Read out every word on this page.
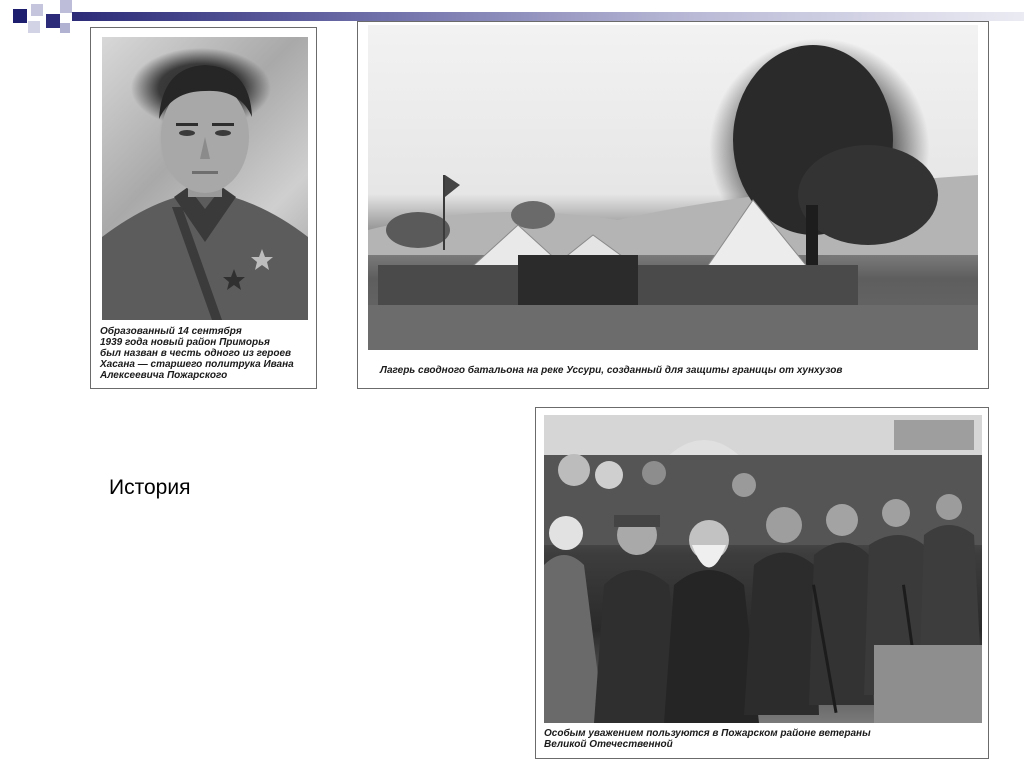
Образованный 14 сентября
1939 года новый район Приморья
был назван в честь одного из героев
Хасана — старшего политрука Ивана
Алексеевича Пожарского	Лагерь сводного батальона на реке Уссури, созданный для защиты границы от хунхузов

Особым уважением пользуются в Пожарском районе ветераны
Великой Отечественной

История
